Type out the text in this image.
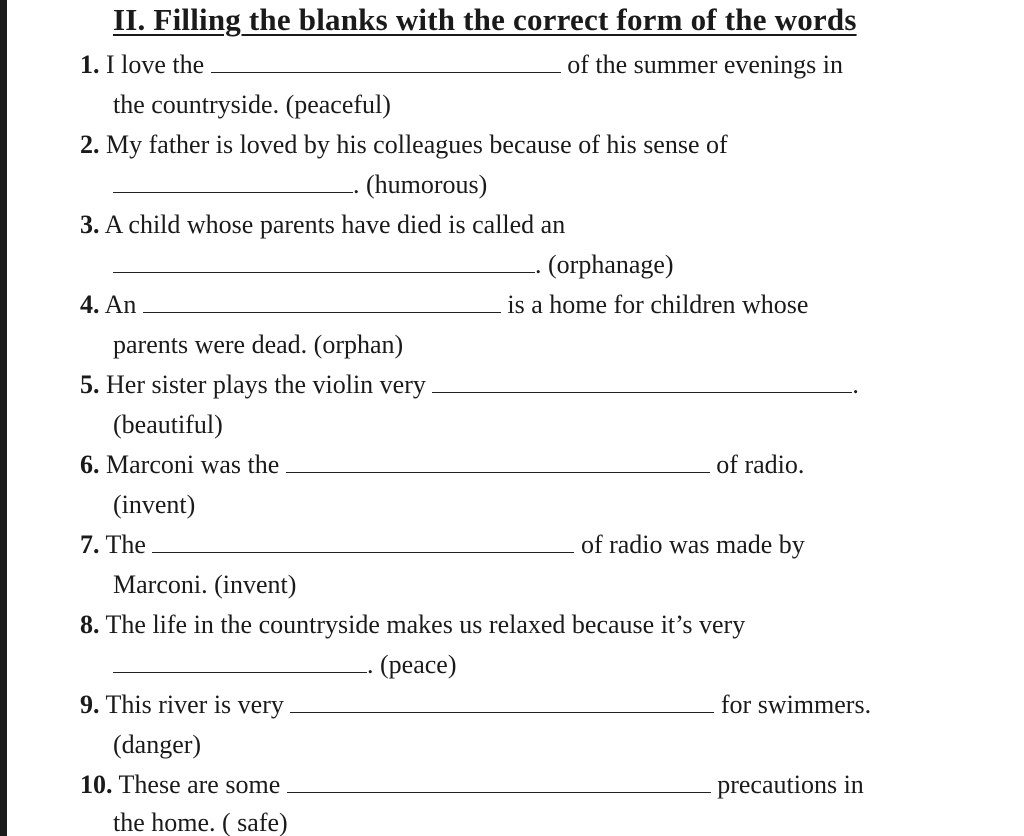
II. Filling the blanks with the correct form of the words
1. I love the	of the summer evenings in
the countryside. (peaceful)
2. My father is loved by his colleagues because of his sense of
. (humorous)
3. A child whose parents have died is called an
. (orphanage)
4. An	is a home for children whose
parents were dead. (orphan)
5. Her sister plays the violin very	.
(beautiful)
6. Marconi was the	of radio.
(invent)
7. The	of radio was made by
Marconi. (invent)
8. The life in the countryside makes us relaxed because it’s very
. (peace)
9. This river is very	for swimmers.
(danger)
10. These are some	precautions in
the home. ( safe)
